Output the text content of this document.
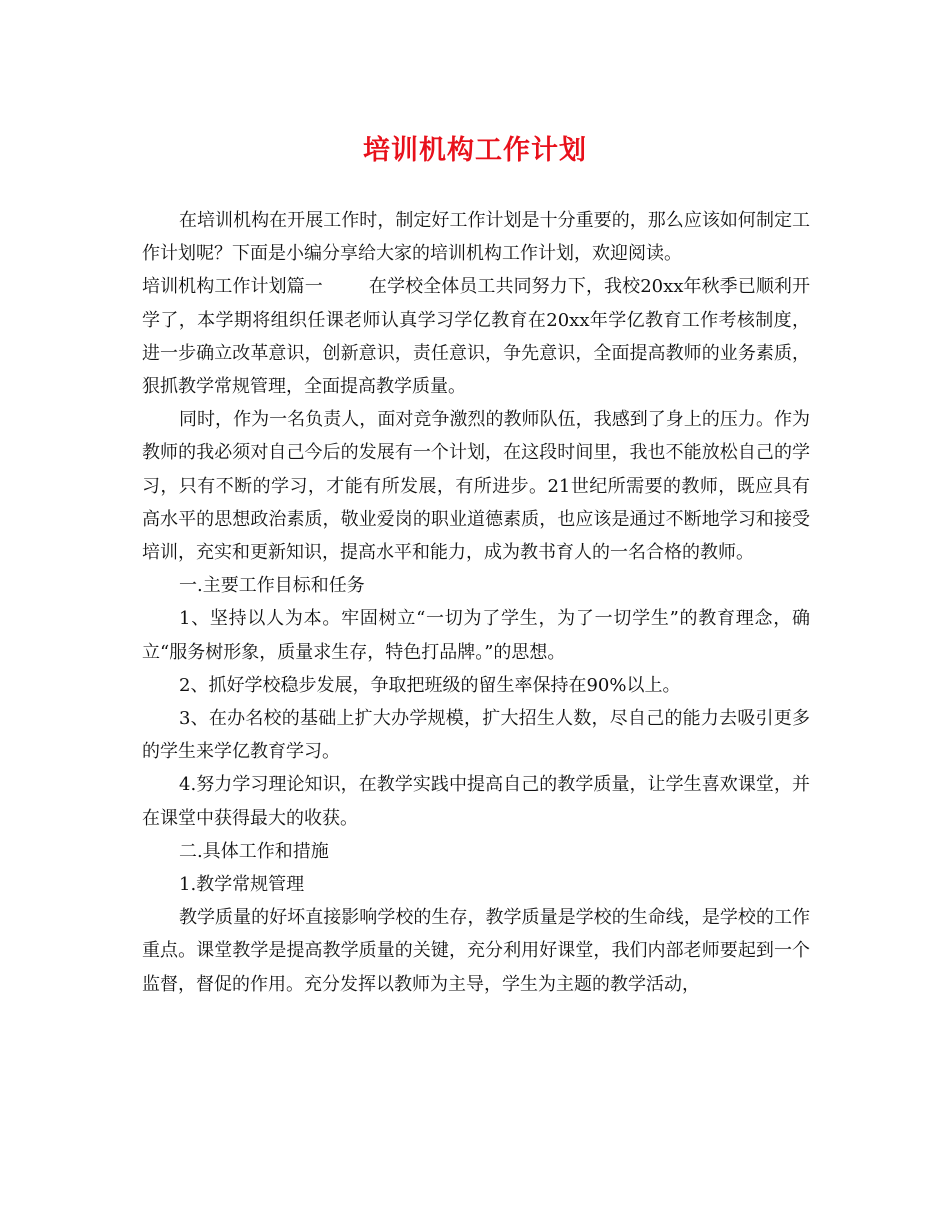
培训机构工作计划

在培训机构在开展工作时，制定好工作计划是十分重要的，那么应该如何制定工作计划呢？下面是小编分享给大家的培训机构工作计划，欢迎阅读。

培训机构工作计划篇一	在学校全体员工共同努力下，我校20xx年秋季已顺利开学了，本学期将组织任课老师认真学习学亿教育在20xx年学亿教育工作考核制度，进一步确立改革意识，创新意识，责任意识，争先意识，全面提高教师的业务素质，狠抓教学常规管理，全面提高教学质量。

同时，作为一名负责人，面对竞争激烈的教师队伍，我感到了身上的压力。作为教师的我必须对自己今后的发展有一个计划，在这段时间里，我也不能放松自己的学习，只有不断的学习，才能有所发展，有所进步。21世纪所需要的教师，既应具有高水平的思想政治素质，敬业爱岗的职业道德素质，也应该是通过不断地学习和接受培训，充实和更新知识，提高水平和能力，成为教书育人的一名合格的教师。

一.主要工作目标和任务

1、坚持以人为本。牢固树立“一切为了学生，为了一切学生”的教育理念，确立“服务树形象，质量求生存，特色打品牌。”的思想。

2、抓好学校稳步发展，争取把班级的留生率保持在90%以上。

3、在办名校的基础上扩大办学规模，扩大招生人数，尽自己的能力去吸引更多的学生来学亿教育学习。

4.努力学习理论知识，在教学实践中提高自己的教学质量，让学生喜欢课堂，并在课堂中获得最大的收获。

二.具体工作和措施

1.教学常规管理

教学质量的好坏直接影响学校的生存，教学质量是学校的生命线，是学校的工作重点。课堂教学是提高教学质量的关键，充分利用好课堂，我们内部老师要起到一个监督，督促的作用。充分发挥以教师为主导，学生为主题的教学活动，
